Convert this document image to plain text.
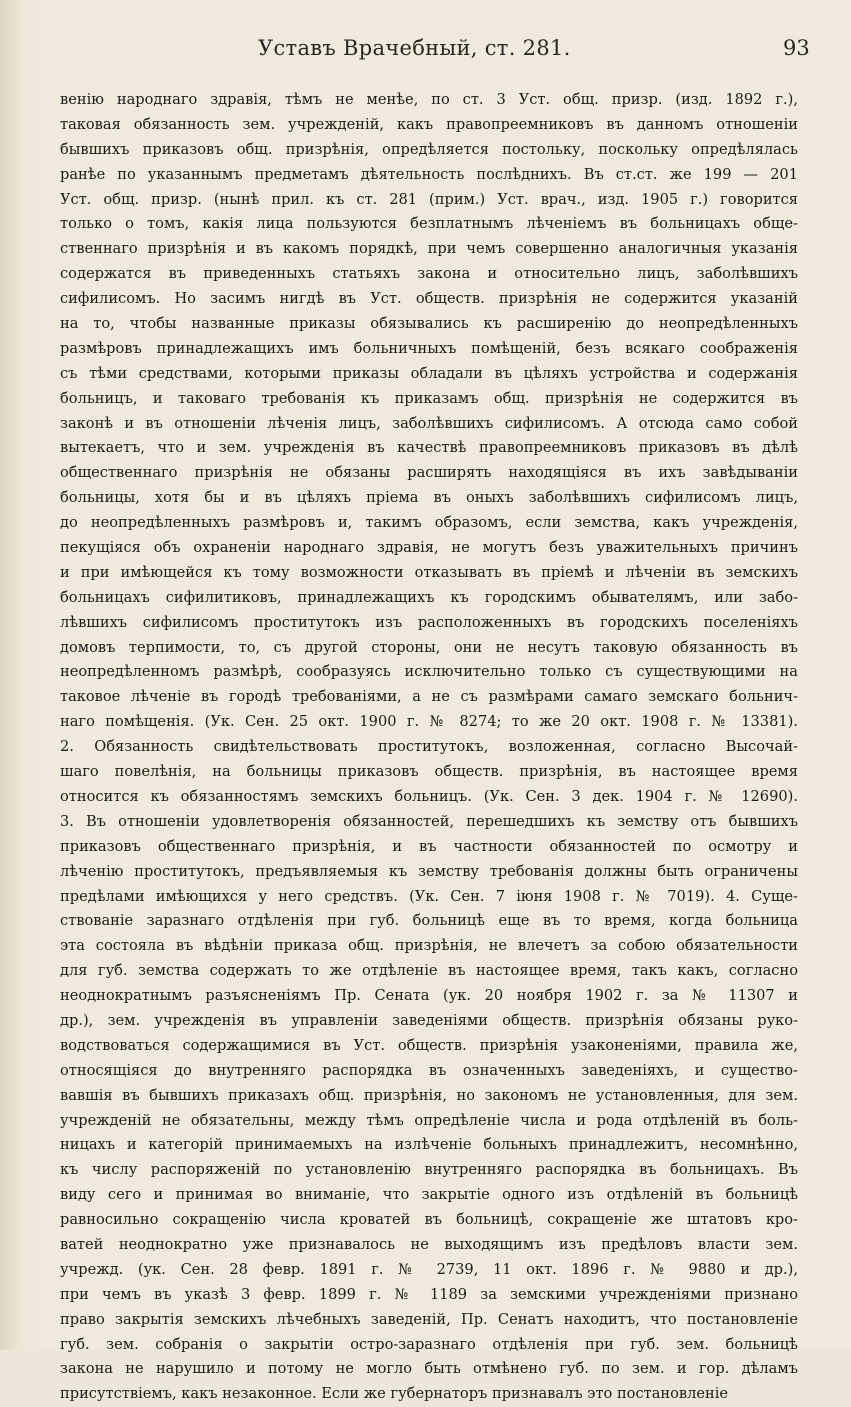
Уставъ Врачебный, ст. 281.	93
венію народнаго здравія, тѣмъ не менѣе, по ст. 3 Уст. общ. призр. (изд. 1892 г.),
таковая обязанность зем. учрежденій, какъ правопреемниковъ въ данномъ отношеніи
бывшихъ приказовъ общ. призрѣнія, опредѣляется постольку, поскольку опредѣлялась
ранѣе по указаннымъ предметамъ дѣятельность послѣднихъ. Въ ст.ст. же 199 — 201
Уст. общ. призр. (нынѣ прил. къ ст. 281 (прим.) Уст. врач., изд. 1905 г.) говорится
только о томъ, какія лица пользуются безплатнымъ лѣченіемъ въ больницахъ обще-
ственнаго призрѣнія и въ какомъ порядкѣ, при чемъ совершенно аналогичныя указанія
содержатся въ приведенныхъ статьяхъ закона и относительно лицъ, заболѣвшихъ
сифилисомъ. Но засимъ нигдѣ въ Уст. обществ. призрѣнія не содержится указаній
на то, чтобы названные приказы обязывались къ расширенію до неопредѣленныхъ
размѣровъ принадлежащихъ имъ больничныхъ помѣщеній, безъ всякаго соображенія
съ тѣми средствами, которыми приказы обладали въ цѣляхъ устройства и содержанія
больницъ, и таковаго требованія къ приказамъ общ. призрѣнія не содержится въ
законѣ и въ отношеніи лѣченія лицъ, заболѣвшихъ сифилисомъ. А отсюда само собой
вытекаетъ, что и зем. учрежденія въ качествѣ правопреемниковъ приказовъ въ дѣлѣ
общественнаго призрѣнія не обязаны расширять находящіяся въ ихъ завѣдываніи
больницы, хотя бы и въ цѣляхъ пріема въ оныхъ заболѣвшихъ сифилисомъ лицъ,
до неопредѣленныхъ размѣровъ и, такимъ образомъ, если земства, какъ учрежденія,
пекущіяся объ охраненіи народнаго здравія, не могутъ безъ уважительныхъ причинъ
и при имѣющейся къ тому возможности отказывать въ пріемѣ и лѣченіи въ земскихъ
больницахъ сифилитиковъ, принадлежащихъ къ городскимъ обывателямъ, или забо-
лѣвшихъ сифилисомъ проститутокъ изъ расположенныхъ въ городскихъ поселеніяхъ
домовъ терпимости, то, съ другой стороны, они не несутъ таковую обязанность въ
неопредѣленномъ размѣрѣ, сообразуясь исключительно только съ существующими на
таковое лѣченіе въ городѣ требованіями, а не съ размѣрами самаго земскаго больнич-
наго помѣщенія. (Ук. Сен. 25 окт. 1900 г. № 8274; то же 20 окт. 1908 г. № 13381).
2. Обязанность свидѣтельствовать проститутокъ, возложенная, согласно Высочай-
шаго повелѣнія, на больницы приказовъ обществ. призрѣнія, въ настоящее время
относится къ обязанностямъ земскихъ больницъ. (Ук. Сен. 3 дек. 1904 г. № 12690).
3. Въ отношеніи удовлетворенія обязанностей, перешедшихъ къ земству отъ бывшихъ
приказовъ общественнаго призрѣнія, и въ частности обязанностей по осмотру и
лѣченію проститутокъ, предъявляемыя къ земству требованія должны быть ограничены
предѣлами имѣющихся у него средствъ. (Ук. Сен. 7 іюня 1908 г. № 7019). 4. Суще-
ствованіе заразнаго отдѣленія при губ. больницѣ еще въ то время, когда больница
эта состояла въ вѣдѣніи приказа общ. призрѣнія, не влечетъ за собою обязательности
для губ. земства содержать то же отдѣленіе въ настоящее время, такъ какъ, согласно
неоднократнымъ разъясненіямъ Пр. Сената (ук. 20 ноября 1902 г. за № 11307 и
др.), зем. учрежденія въ управленіи заведеніями обществ. призрѣнія обязаны руко-
водствоваться содержащимися въ Уст. обществ. призрѣнія узаконеніями, правила же,
относящіяся до внутренняго распорядка въ означенныхъ заведеніяхъ, и существо-
вавшія въ бывшихъ приказахъ общ. призрѣнія, но закономъ не установленныя, для зем.
учрежденій не обязательны, между тѣмъ опредѣленіе числа и рода отдѣленій въ боль-
ницахъ и категорій принимаемыхъ на излѣченіе больныхъ принадлежитъ, несомнѣнно,
къ числу распоряженій по установленію внутренняго распорядка въ больницахъ. Въ
виду сего и принимая во вниманіе, что закрытіе одного изъ отдѣленій въ больницѣ
равносильно сокращенію числа кроватей въ больницѣ, сокращеніе же штатовъ кро-
ватей неоднократно уже признавалось не выходящимъ изъ предѣловъ власти зем.
учрежд. (ук. Сен. 28 февр. 1891 г. № 2739, 11 окт. 1896 г. № 9880 и др.),
при чемъ въ указѣ 3 февр. 1899 г. № 1189 за земскими учрежденіями признано
право закрытія земскихъ лѣчебныхъ заведеній, Пр. Сенатъ находитъ, что постановленіе
губ. зем. собранія о закрытіи остро-заразнаго отдѣленія при губ. зем. больницѣ
закона не нарушило и потому не могло быть отмѣнено губ. по зем. и гор. дѣламъ
присутствіемъ, какъ незаконное. Если же губернаторъ признавалъ это постановленіе
